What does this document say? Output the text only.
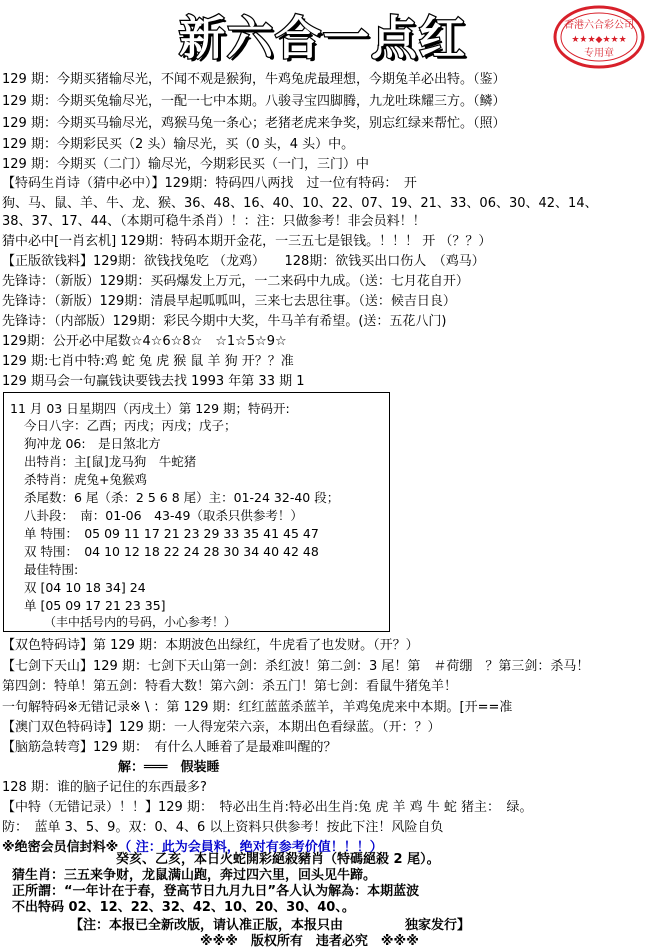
新六合一点红	香港六合彩公司
★★★◆★★★
专用章
129 期：今期买猪输尽光，不闻不观是猴狗，牛鸡兔虎最理想，今期兔羊必出特。（鉴）
129 期：今期买兔输尽光，一配一七中本期。八骏寻宝四脚腾，九龙吐珠耀三方。（鳞）
129 期：今期买马输尽光，鸡猴马兔一条心；老猪老虎来争奖，别忘红绿来帮忙。（照）
129 期：今期彩民买（2 头）输尽光，买（0 头，4 头）中。
129 期：今期买（二门）输尽光，今期彩民买（一门，三门）中
【特码生肖诗（猜中必中）】129期：特码四八两找　过一位有特码：　开
狗、马、鼠、羊、牛、龙、猴、36、48、16、40、10、22、07、19、21、33、06、30、42、14、
38、37、17、44、（本期可稳牛杀肖）！：注：只做参考！非会员料！！
猜中必中[一肖玄机] 129期：特码本期开金花，一三五七是银钱。！！！ 开 （？？）
【正版欲钱料】129期：欲钱找兔吃 （龙鸡）　　128期：欲钱买出口伤人　（鸡马）
先锋诗：（新版）129期：买码爆发上万元，一二来码中九成。（送：七月花自开）
先锋诗：（新版）129期：清晨早起呱呱叫，三来七去思往事。（送：候吉日良）
先锋诗：（内部版）129期：彩民今期中大奖，牛马羊有希望。(送：五花八门)
129期：公开必中尾数☆4☆6☆8☆　☆1☆5☆9☆
129 期:七肖中特:鸡 蛇 兔 虎 猴 鼠 羊 狗 开？？准
129 期马会一句赢钱诀要钱去找 1993 年第 33 期 1
11 月 03 日星期四（丙戌土）第 129 期；特码开:
今日八字：乙酉；丙戌；丙戌；戊子；
狗冲龙 06:　是日煞北方
出特肖：主[鼠]龙马狗　牛蛇猪
杀特肖：虎兔+兔猴鸡
杀尾数：6 尾（杀：2 5 6 8 尾）主：01-24 32-40 段；
八卦段：　南：01-06　43-49（取杀只供参考！）
单 特围：　05 09 11 17 21 23 29 33 35 41 45 47
双 特围：　04 10 12 18 22 24 28 30 34 40 42 48
最佳特围:
双 [04 10 18 34] 24
单 [05 09 17 21 23 35]
（丰中括号内的号码，小心参考！）
【双色特码诗】第 129 期：本期波色出绿红，牛虎看了也发财。（开？）
【七剑下天山】129 期：七剑下天山第一剑：杀红波！第二剑：3 尾！第　＃荷绷　？第三剑：杀马！
第四剑：特单！第五剑：特看大数！第六剑：杀五门！第七剑：看鼠牛猪兔羊！
一句解特码※无错记录※ \ ：第 129 期：红红蓝蓝杀蓝羊，羊鸡兔虎来中本期。[开==准
【澳门双色特码诗】129 期：一人得宠荣六亲，本期出色看绿蓝。（开：？）
【脑筋急转弯】129 期：　有什么人睡着了是最难叫醒的？
解：═══　假装睡
128 期：谁的脑子记住的东西最多?
【中特（无错记录）！！】129 期：　特必出生肖:特必出生肖:兔 虎 羊 鸡 牛 蛇 猪主：　绿。
防：　蓝单 3、5、9。双：0、4、6 以上资料只供参考！按此下注！风险自负
※绝密会员信封料※（ 注：此为会員料，绝对有参考价值！！！）
癸亥、乙亥，本日火蛇開彩絕殺豬肖（特碼絕殺 2 尾）。
猜生肖：三五来争财，龙鼠满山跑，奔过四六里，回头见牛蹄。
正所謂：“一年计在于春，登高节日九月九日”各人认为解為：本期蓝波
不出特码 02、12、22、32、42、10、20、30、40、。
【注：本报已全新改版，请认准正版，本报只由	独家发行】
※※※　版权所有　违者必究　※※※
